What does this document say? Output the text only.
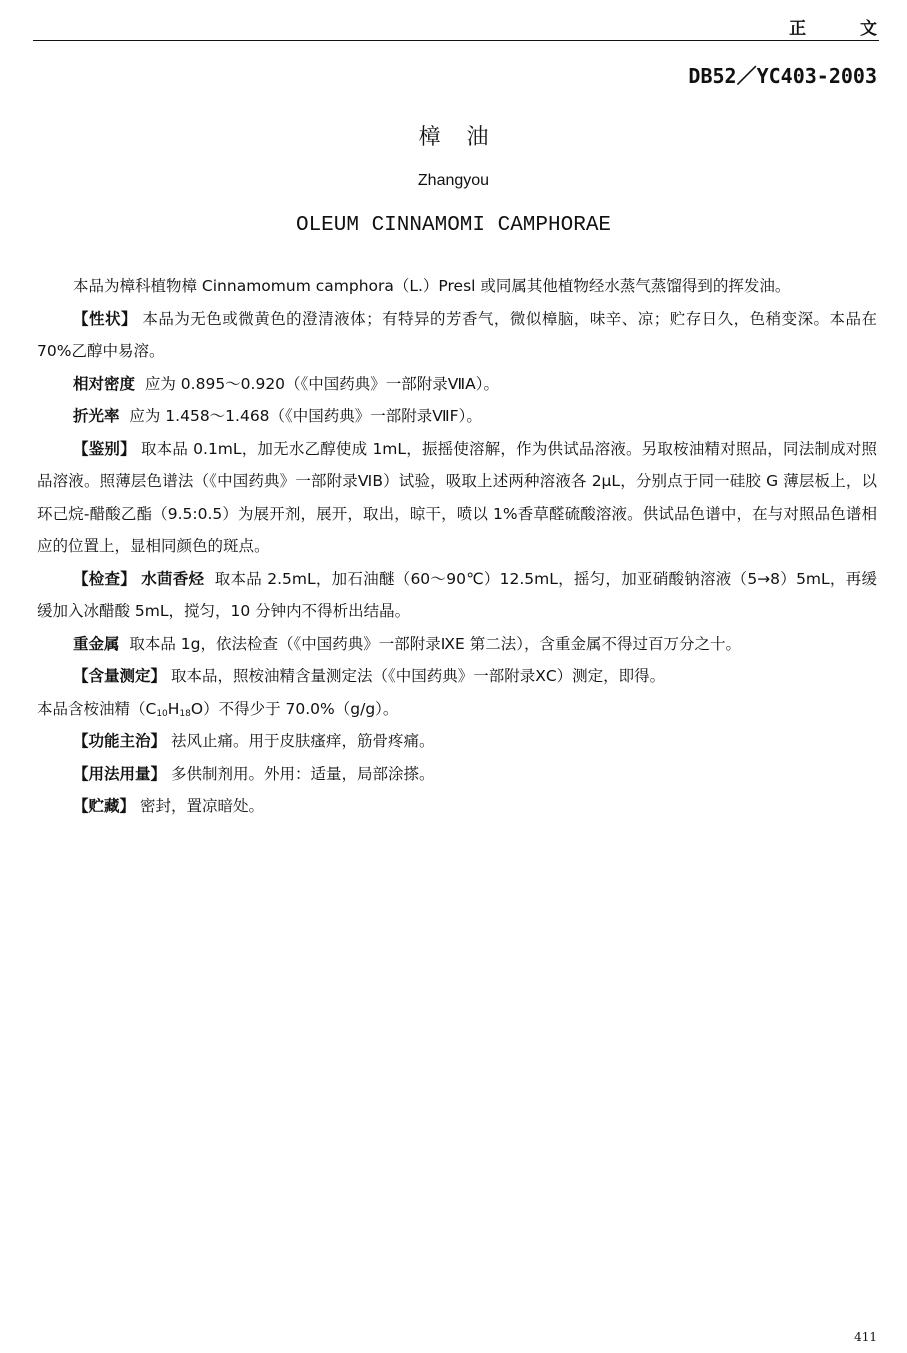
正 文
DB52／YC403-2003
樟油
Zhangyou
OLEUM CINNAMOMI CAMPHORAE

本品为樟科植物樟 Cinnamomum camphora（L.）Presl 或同属其他植物经水蒸气蒸馏得到的挥发油。

【性状】 本品为无色或微黄色的澄清液体；有特异的芳香气，微似樟脑，味辛、凉；贮存日久，色稍变深。本品在 70%乙醇中易溶。

相对密度 应为 0.895～0.920（《中国药典》一部附录ⅦA）。

折光率 应为 1.458～1.468（《中国药典》一部附录ⅦF）。

【鉴别】 取本品 0.1mL，加无水乙醇使成 1mL，振摇使溶解，作为供试品溶液。另取桉油精对照品，同法制成对照品溶液。照薄层色谱法（《中国药典》一部附录ⅥB）试验，吸取上述两种溶液各 2μL，分别点于同一硅胶 G 薄层板上，以环己烷-醋酸乙酯（9.5:0.5）为展开剂，展开，取出，晾干，喷以 1%香草醛硫酸溶液。供试品色谱中，在与对照品色谱相应的位置上，显相同颜色的斑点。

【检查】 水茴香烃 取本品 2.5mL，加石油醚（60～90℃）12.5mL，摇匀，加亚硝酸钠溶液（5→8）5mL，再缓缓加入冰醋酸 5mL，搅匀，10 分钟内不得析出结晶。

重金属 取本品 1g，依法检查（《中国药典》一部附录ⅨE 第二法），含重金属不得过百万分之十。

【含量测定】 取本品，照桉油精含量测定法（《中国药典》一部附录ⅩC）测定，即得。

本品含桉油精$(C_{10}H_{18}O)$不得少于 70.0%（g/g）。

【功能主治】 祛风止痛。用于皮肤瘙痒，筋骨疼痛。

【用法用量】 多供制剂用。外用：适量，局部涂搽。

【贮藏】 密封，置凉暗处。

411
